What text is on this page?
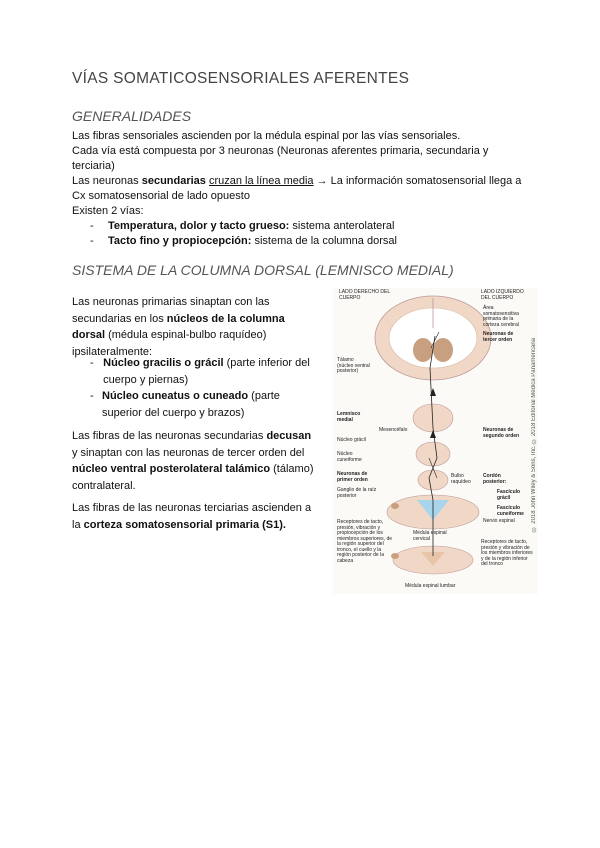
VÍAS SOMATICOSENSORIALES AFERENTES
GENERALIDADES
Las fibras sensoriales ascienden por la médula espinal por las vías sensoriales.
Cada vía está compuesta por 3 neuronas (Neuronas aferentes primaria, secundaria y terciaria)
Las neuronas secundarias cruzan la línea media → La información somatosensorial llega a Cx somatosensorial de lado opuesto
Existen 2 vías:
-	Temperatura, dolor y tacto grueso: sistema anterolateral
-	Tacto fino y propiocepción: sistema de la columna dorsal
SISTEMA DE LA COLUMNA DORSAL (LEMNISCO MEDIAL)
Las neuronas primarias sinaptan con las secundarias en los núcleos de la columna dorsal (médula espinal-bulbo raquídeo) ipsilateralmente:
- Núcleo gracilis o grácil (parte inferior del cuerpo y piernas)
- Núcleo cuneatus o cuneado (parte superior del cuerpo y brazos)
Las fibras de las neuronas secundarias decusan y sinaptan con las neuronas de tercer orden del núcleo ventral posterolateral talámico (tálamo) contralateral.
Las fibras de las neuronas terciarias ascienden a la corteza somatosensorial primaria (S1).
LADO DERECHO DEL CUERPO
LADO IZQUIERDO DEL CUERPO
Área somatosensitiva primaria de la corteza cerebral
Neuronas de tercer orden
Tálamo (núcleo ventral posterior)
Lemnisco medial
Mesencéfalo	Neuronas de segundo orden
Núcleo grácil
Núcleo cuneiforme
Neuronas de primer orden
Bulbo raquídeo
Cordón posterior:
Fascículo grácil
Fascículo cuneiforme
Ganglio de la raíz posterior
Nervio espinal
Médula espinal cervical
Receptores de tacto, presión, vibración y propiocepción de los miembros superiores, de la región superior del tronco, el cuello y la región posterior de la cabeza
Receptores de tacto, presión y vibración de los miembros inferiores y de la región inferior del tronco
Médula espinal lumbar
© 2018 John Wiley & Sons, Inc. © 2018 Editorial Médica Panamericana
